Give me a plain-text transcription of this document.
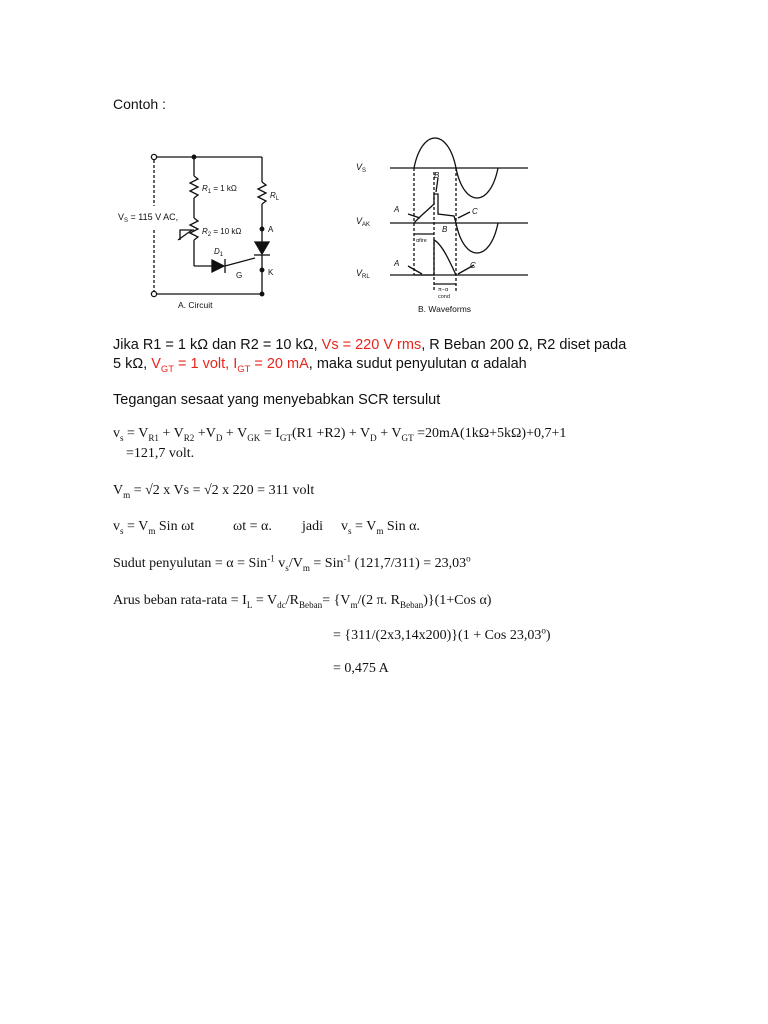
Contoh :
$V_S = 115$ V AC,
$R_1 = 1$ kΩ
$R_2 = 10$ kΩ
$R_L$
$D_1$
A
G	K
A. Circuit
$V_S$
$V_{AK}$
$V_{RL}$
A
B
C
A
B
C
αfire
π−α
cond
B. Waveforms
Jika R1 = 1 kΩ dan R2 = 10 kΩ, Vs = 220 V rms, R Beban 200 Ω, R2 diset pada
5 kΩ, $V_{GT} = 1$ volt, $I_{GT} = 20$ mA, maka sudut penyulutan α adalah
Tegangan sesaat yang menyebabkan SCR tersulut
$v_s = V_{R1} + V_{R2} +V_D + V_{GK} = I_{GT}(R1 +R2) + V_D + V_{GT} =20mA(1k\Omega+5k\Omega)+0,7+1$
=121,7 volt.
$V_m = √2$ x Vs = √2 x 220 = 311 volt
$v_s = V_m$ Sin ωt	ωt = α. jadi $v_s = V_m$ Sin α.
Sudut penyulutan = α = Sin$^{-1}$ $v_s/V_m = Sin^{-1}$ $(121,7/311) = 23,03^o$
Arus beban rata-rata = $I_L = V_{dc}/R_{Beban}= \{V_m/(2$ π. $R_{Beban})\}(1+Cos$ α)
= {311/(2x3,14x200)}(1 + Cos $23,03^o$)
= 0,475 A
